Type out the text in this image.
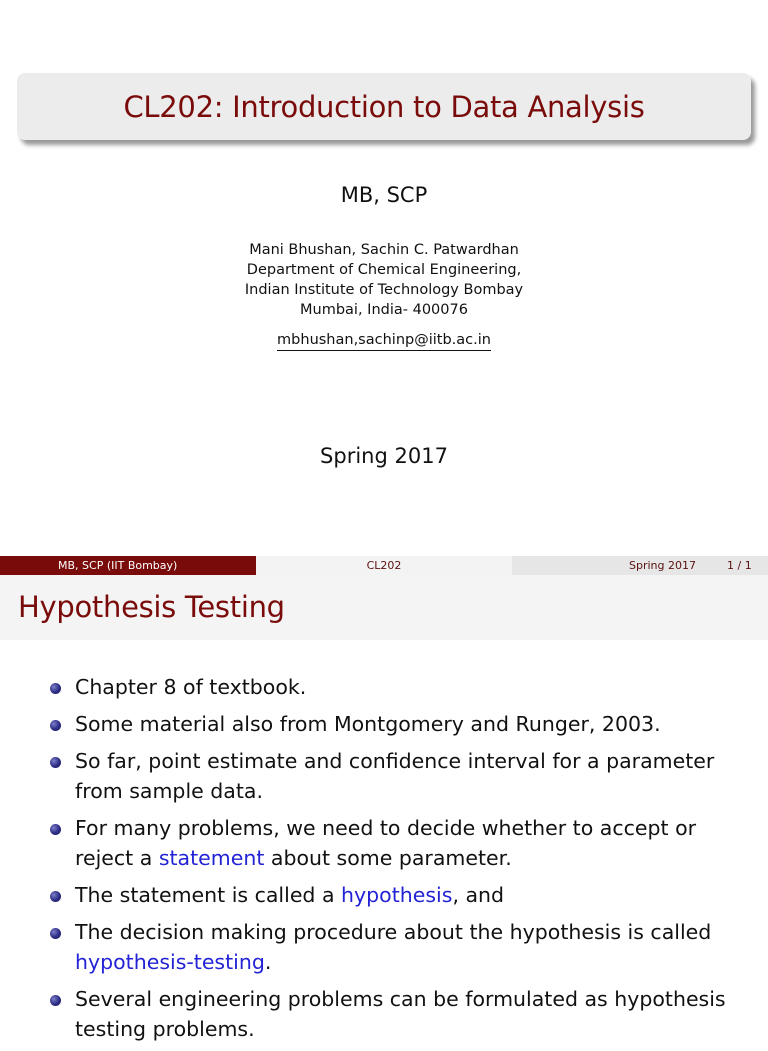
CL202: Introduction to Data Analysis
MB, SCP
Mani Bhushan, Sachin C. Patwardhan
Department of Chemical Engineering,
Indian Institute of Technology Bombay
Mumbai, India- 400076
mbhushan,sachinp@iitb.ac.in
Spring 2017
MB, SCP (IIT Bombay)	CL202	Spring 2017	1 / 1
Hypothesis Testing
Chapter 8 of textbook.
Some material also from Montgomery and Runger, 2003.
So far, point estimate and confidence interval for a parameter from sample data.
For many problems, we need to decide whether to accept or reject a statement about some parameter.
The statement is called a hypothesis, and
The decision making procedure about the hypothesis is called hypothesis-testing.
Several engineering problems can be formulated as hypothesis testing problems.
